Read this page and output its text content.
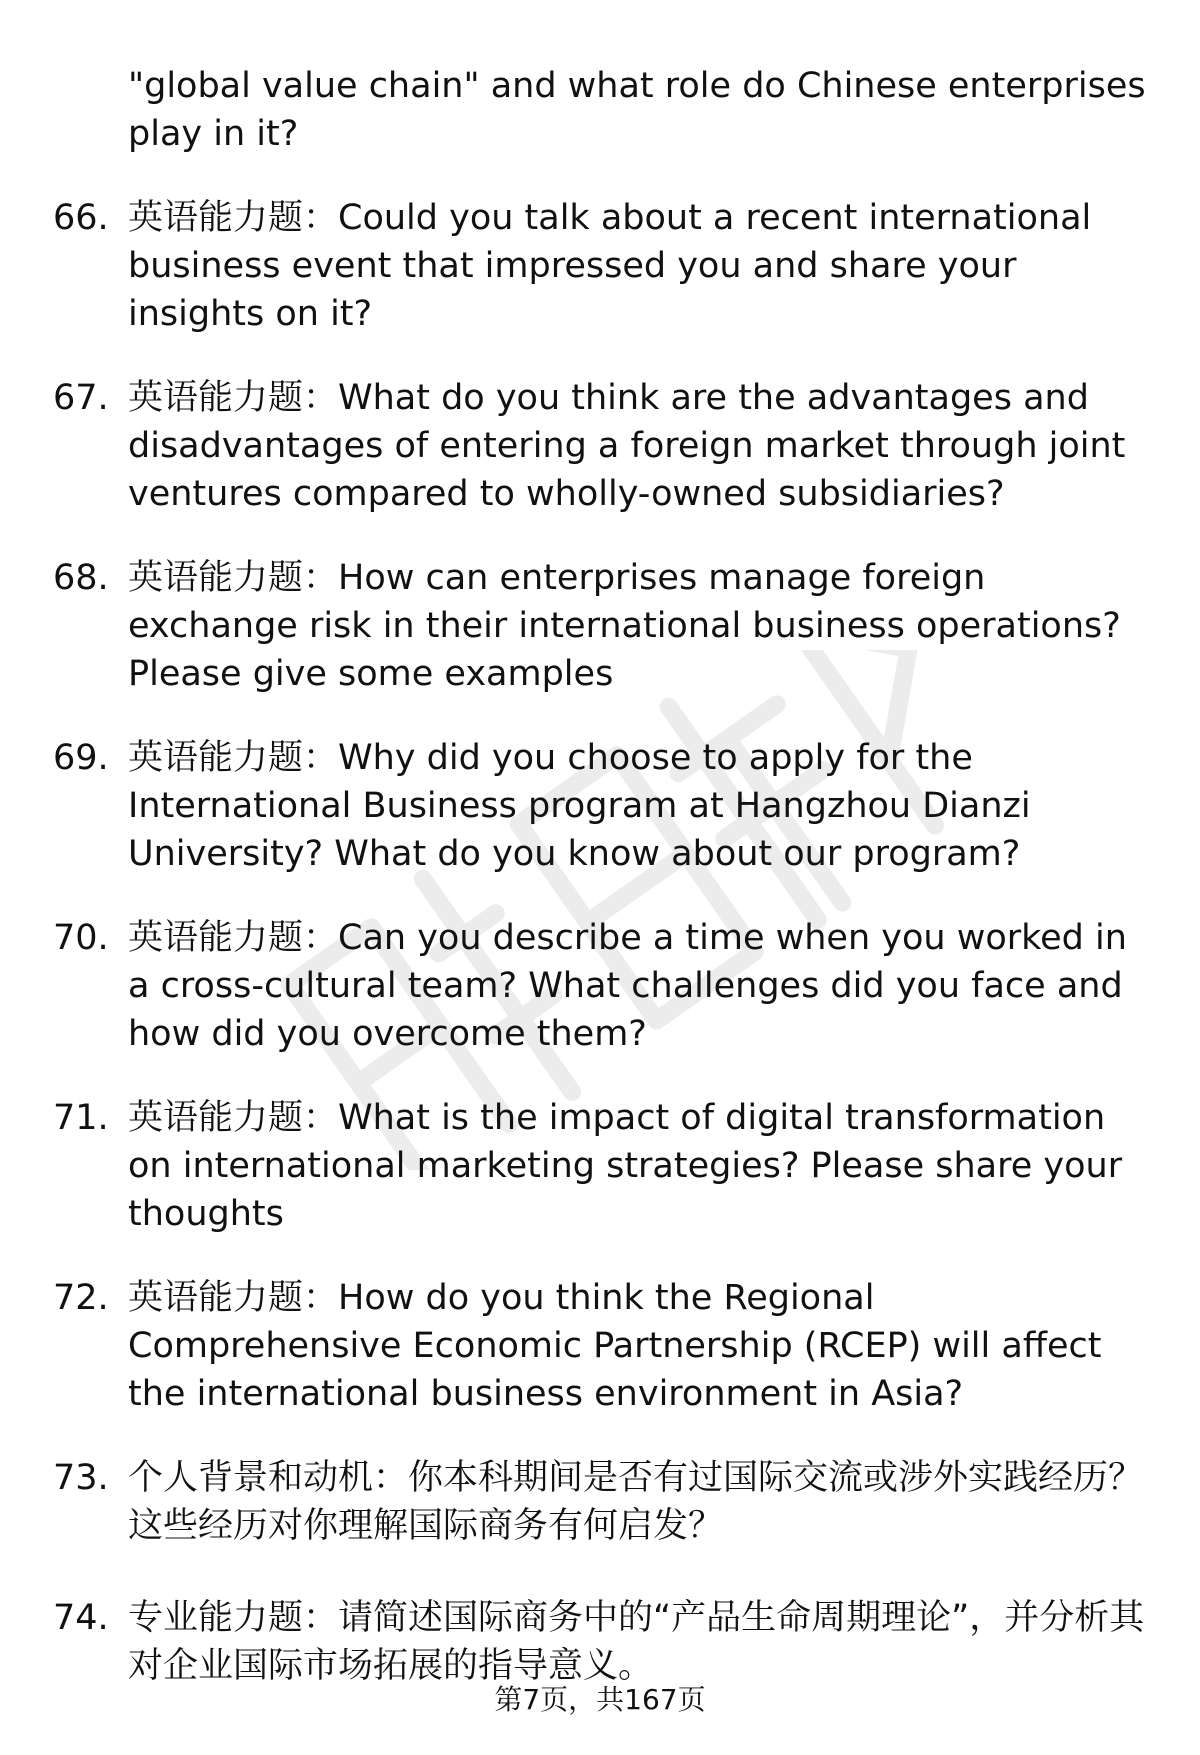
"global value chain" and what role do Chinese enterprises play in it?
66. 英语能力题：Could you talk about a recent international business event that impressed you and share your insights on it?
67. 英语能力题：What do you think are the advantages and disadvantages of entering a foreign market through joint ventures compared to wholly-owned subsidiaries?
68. 英语能力题：How can enterprises manage foreign exchange risk in their international business operations? Please give some examples
69. 英语能力题：Why did you choose to apply for the International Business program at Hangzhou Dianzi University? What do you know about our program?
70. 英语能力题：Can you describe a time when you worked in a cross-cultural team? What challenges did you face and how did you overcome them?
71. 英语能力题：What is the impact of digital transformation on international marketing strategies? Please share your thoughts
72. 英语能力题：How do you think the Regional Comprehensive Economic Partnership (RCEP) will affect the international business environment in Asia?
73. 个人背景和动机：你本科期间是否有过国际交流或涉外实践经历？这些经历对你理解国际商务有何启发？
74. 专业能力题：请简述国际商务中的“产品生命周期理论”，并分析其对企业国际市场拓展的指导意义。
第7页，共167页
